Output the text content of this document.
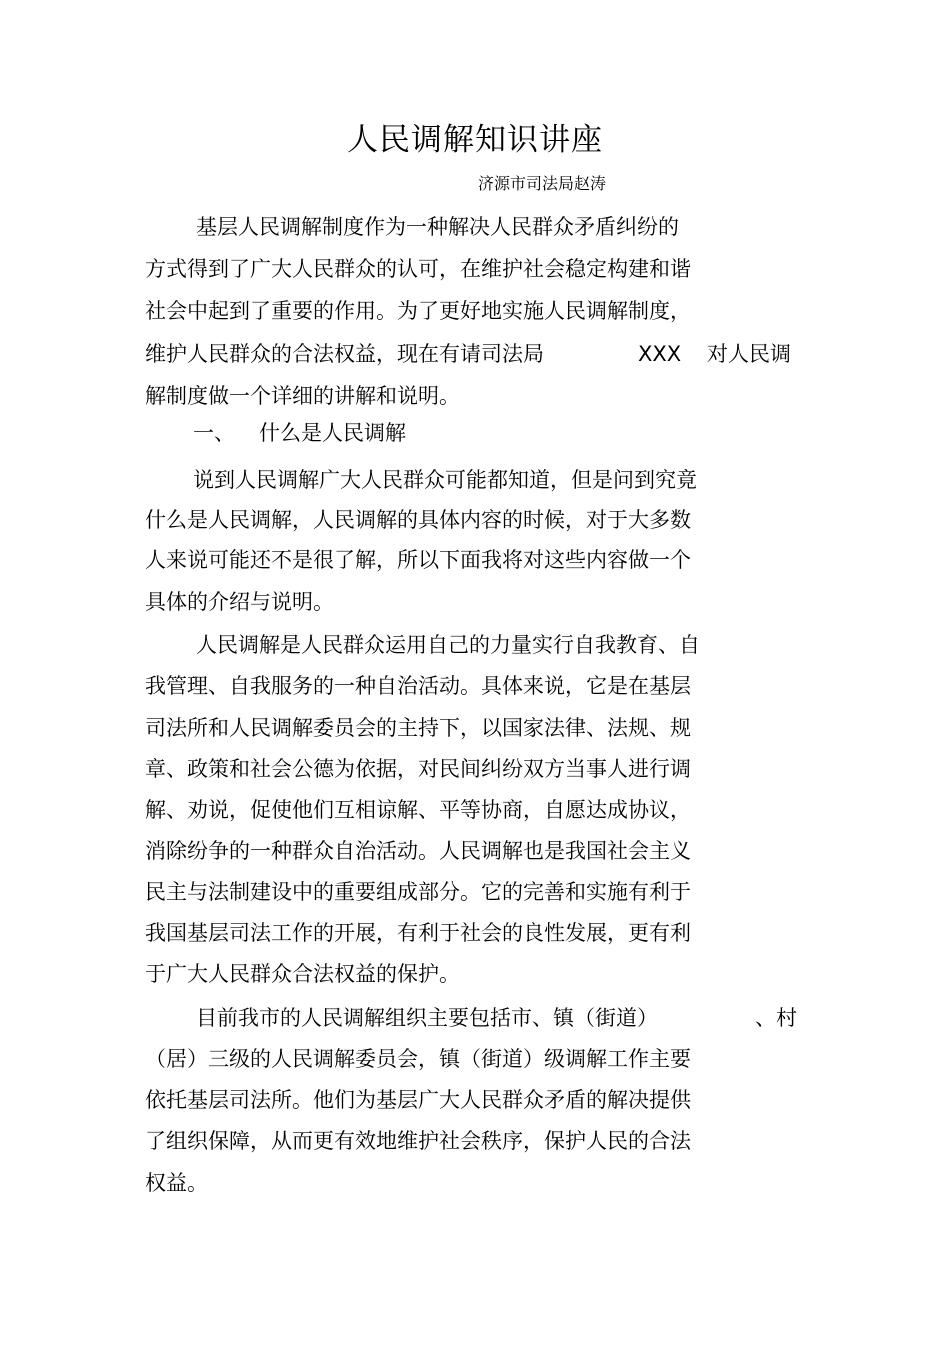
人民调解知识讲座
济源市司法局赵涛
基层人民调解制度作为一种解决人民群众矛盾纠纷的
方式得到了广大人民群众的认可，在维护社会稳定构建和谐
社会中起到了重要的作用。为了更好地实施人民调解制度，
维护人民群众的合法权益，现在有请司法局	XXX 对人民调
解制度做一个详细的讲解和说明。
一、 什么是人民调解
说到人民调解广大人民群众可能都知道，但是问到究竟
什么是人民调解，人民调解的具体内容的时候，对于大多数
人来说可能还不是很了解，所以下面我将对这些内容做一个
具体的介绍与说明。
人民调解是人民群众运用自己的力量实行自我教育、自
我管理、自我服务的一种自治活动。具体来说，它是在基层
司法所和人民调解委员会的主持下，以国家法律、法规、规
章、政策和社会公德为依据，对民间纠纷双方当事人进行调
解、劝说，促使他们互相谅解、平等协商，自愿达成协议，
消除纷争的一种群众自治活动。人民调解也是我国社会主义
民主与法制建设中的重要组成部分。它的完善和实施有利于
我国基层司法工作的开展，有利于社会的良性发展，更有利
于广大人民群众合法权益的保护。
目前我市的人民调解组织主要包括市、镇（街道）	、村
（居）三级的人民调解委员会，镇（街道）级调解工作主要
依托基层司法所。他们为基层广大人民群众矛盾的解决提供
了组织保障，从而更有效地维护社会秩序，保护人民的合法
权益。
